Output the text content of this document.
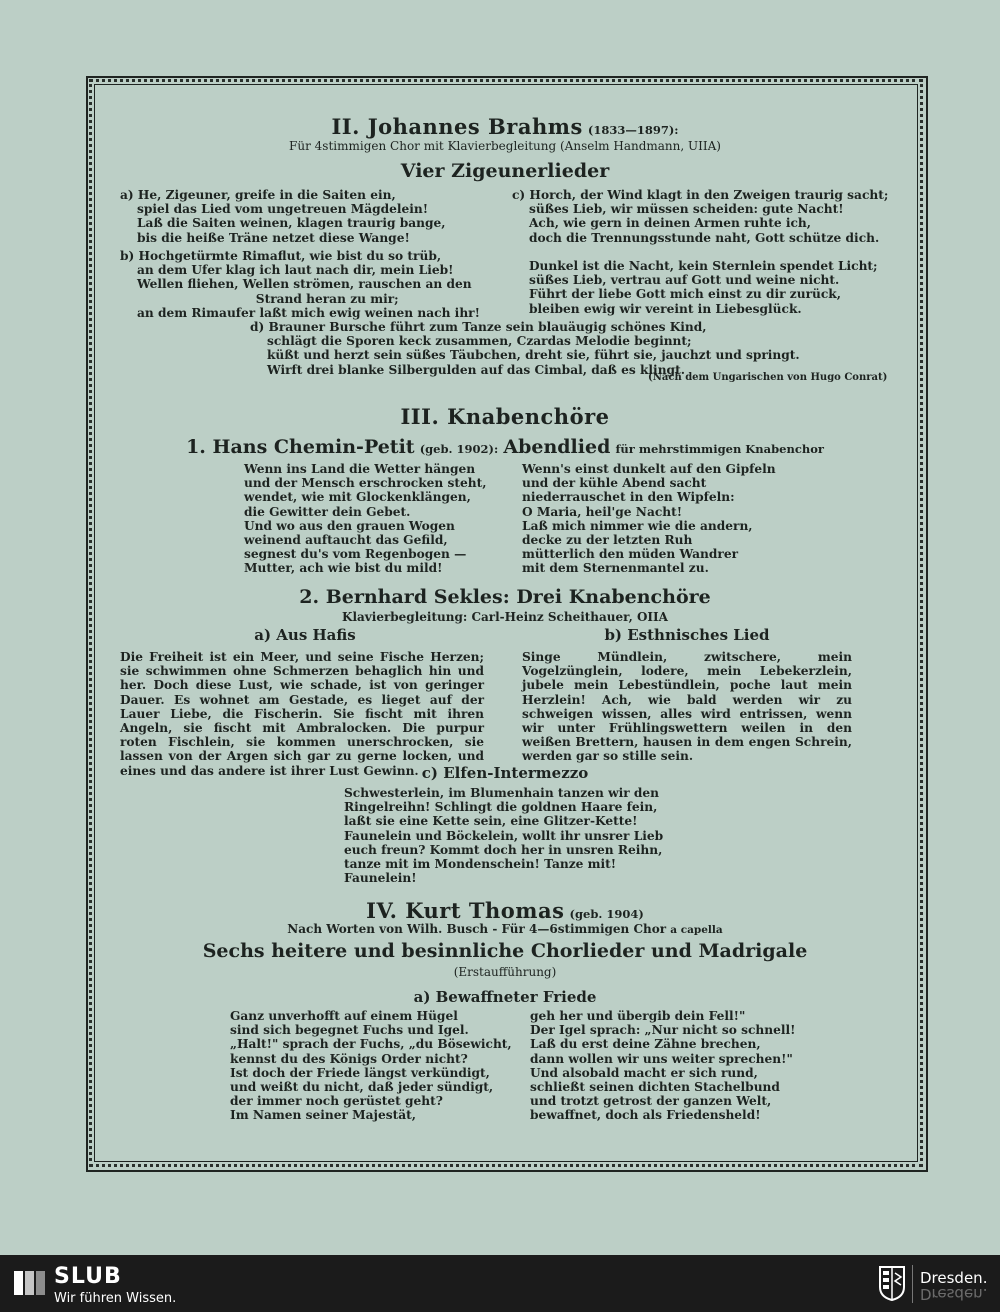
II. Johannes Brahms (1833—1897):
Für 4stimmigen Chor mit Klavierbegleitung (Anselm Handmann, UIIA)
Vier Zigeunerlieder
a) He, Zigeuner, greife in die Saiten ein,
spiel das Lied vom ungetreuen Mägdelein!
Laß die Saiten weinen, klagen traurig bange,
bis die heiße Träne netzet diese Wange!
b) Hochgetürmte Rimaflut, wie bist du so trüb,
an dem Ufer klag ich laut nach dir, mein Lieb!
Wellen fliehen, Wellen strömen, rauschen an den
Strand heran zu mir;
an dem Rimaufer laßt mich ewig weinen nach ihr!
c) Horch, der Wind klagt in den Zweigen traurig sacht;
süßes Lieb, wir müssen scheiden: gute Nacht!
Ach, wie gern in deinen Armen ruhte ich,
doch die Trennungsstunde naht, Gott schütze dich.

Dunkel ist die Nacht, kein Sternlein spendet Licht;
süßes Lieb, vertrau auf Gott und weine nicht.
Führt der liebe Gott mich einst zu dir zurück,
bleiben ewig wir vereint in Liebesglück.
d) Brauner Bursche führt zum Tanze sein blauäugig schönes Kind,
schlägt die Sporen keck zusammen, Czardas Melodie beginnt;
küßt und herzt sein süßes Täubchen, dreht sie, führt sie, jauchzt und springt.
Wirft drei blanke Silbergulden auf das Cimbal, daß es klingt.
(Nach dem Ungarischen von Hugo Conrat)
III. Knabenchöre
1. Hans Chemin-Petit (geb. 1902): Abendlied für mehrstimmigen Knabenchor
Wenn ins Land die Wetter hängen
und der Mensch erschrocken steht,
wendet, wie mit Glockenklängen,
die Gewitter dein Gebet.
Und wo aus den grauen Wogen
weinend auftaucht das Gefild,
segnest du's vom Regenbogen —
Mutter, ach wie bist du mild!
Wenn's einst dunkelt auf den Gipfeln
und der kühle Abend sacht
niederrauschet in den Wipfeln:
O Maria, heil'ge Nacht!
Laß mich nimmer wie die andern,
decke zu der letzten Ruh
mütterlich den müden Wandrer
mit dem Sternenmantel zu.
2. Bernhard Sekles: Drei Knabenchöre
Klavierbegleitung: Carl-Heinz Scheithauer, OIIA
a) Aus Hafis
Die Freiheit ist ein Meer, und seine Fische Herzen; sie schwimmen ohne Schmerzen behaglich hin und her. Doch diese Lust, wie schade, ist von geringer Dauer. Es wohnet am Gestade, es lieget auf der Lauer Liebe, die Fischerin. Sie fischt mit ihren Angeln, sie fischt mit Ambralocken. Die purpur roten Fischlein, sie kommen unerschrocken, sie lassen von der Argen sich gar zu gerne locken, und eines und das andere ist ihrer Lust Gewinn.
b) Esthnisches Lied
Singe Mündlein, zwitschere, mein Vogelzünglein, lodere, mein Lebekerzlein, jubele mein Lebestündlein, poche laut mein Herzlein! Ach, wie bald werden wir zu schweigen wissen, alles wird entrissen, wenn wir unter Frühlingswettern weilen in den weißen Brettern, hausen in dem engen Schrein, werden gar so stille sein.
c) Elfen-Intermezzo
Schwesterlein, im Blumenhain tanzen wir den Ringelreihn! Schlingt die goldnen Haare fein, laßt sie eine Kette sein, eine Glitzer-Kette! Faunelein und Böckelein, wollt ihr unsrer Lieb euch freun? Kommt doch her in unsren Reihn, tanze mit im Mondenschein! Tanze mit! Faunelein!
IV. Kurt Thomas (geb. 1904)
Nach Worten von Wilh. Busch - Für 4—6stimmigen Chor a capella
Sechs heitere und besinnliche Chorlieder und Madrigale
(Erstaufführung)
a) Bewaffneter Friede
Ganz unverhofft auf einem Hügel
sind sich begegnet Fuchs und Igel.
„Halt!" sprach der Fuchs, „du Bösewicht,
kennst du des Königs Order nicht?
Ist doch der Friede längst verkündigt,
und weißt du nicht, daß jeder sündigt,
der immer noch gerüstet geht?
Im Namen seiner Majestät,
geh her und übergib dein Fell!"
Der Igel sprach: „Nur nicht so schnell!
Laß du erst deine Zähne brechen,
dann wollen wir uns weiter sprechen!"
Und alsobald macht er sich rund,
schließt seinen dichten Stachelbund
und trotzt getrost der ganzen Welt,
bewaffnet, doch als Friedensheld!
SLUB
Wir führen Wissen.
Dresden.
Dresden.
